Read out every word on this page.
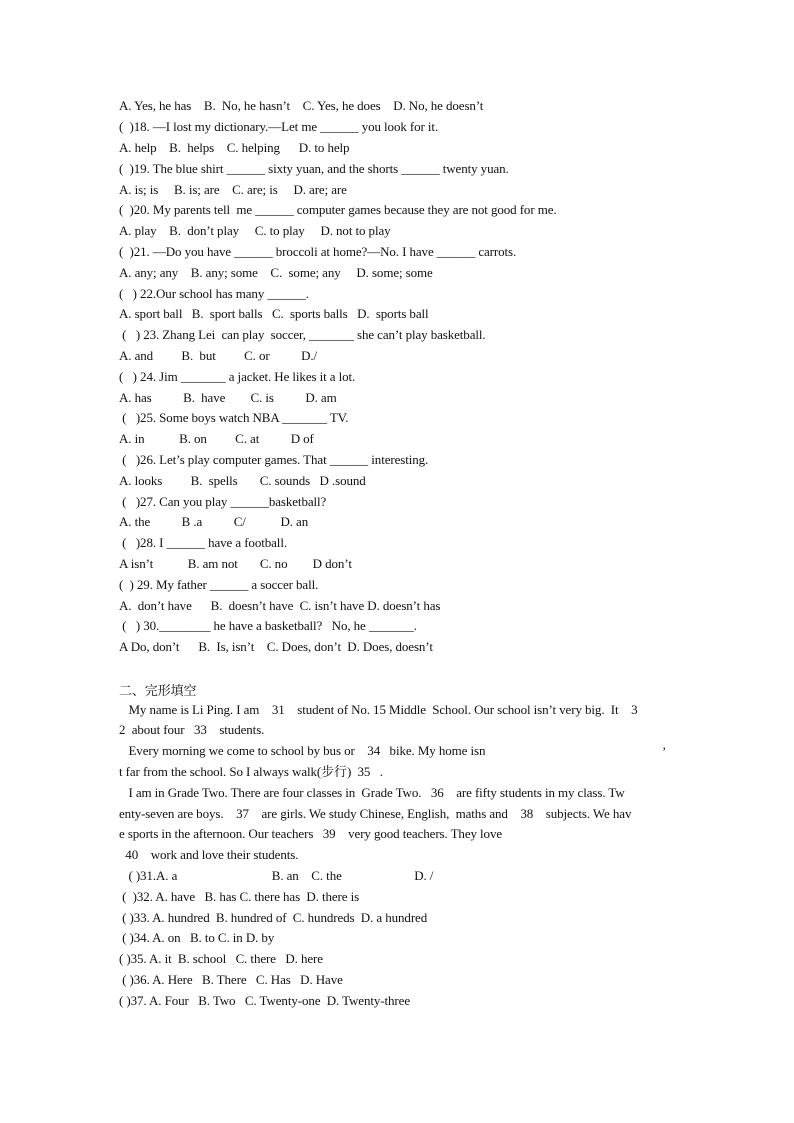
A. Yes, he has    B.  No, he hasn’t    C. Yes, he does    D. No, he doesn’t
(  )18. —I lost my dictionary.—Let me ______ you look for it.
A. help    B.  helps    C. helping      D. to help
(  )19. The blue shirt ______ sixty yuan, and the shorts ______ twenty yuan.
A. is; is     B. is; are    C. are; is     D. are; are
(  )20. My parents tell  me ______ computer games because they are not good for me.
A. play    B.  don’t play     C. to play     D. not to play
(  )21. —Do you have ______ broccoli at home?—No. I have ______ carrots.
A. any; any    B. any; some    C.  some; any     D. some; some
(   ) 22.Our school has many ______.
A. sport ball   B.  sport balls   C.  sports balls   D.  sports ball
(   ) 23. Zhang Lei  can play  soccer, _______ she can’t play basketball.
A. and         B.  but         C. or          D./
(   ) 24. Jim _______ a jacket. He likes it a lot.
A. has          B.  have        C. is          D. am
(   )25. Some boys watch NBA _______ TV.
A. in           B. on         C. at          D of
(   )26. Let’s play computer games. That ______ interesting.
A. looks         B.  spells       C. sounds   D .sound
(   )27. Can you play ______basketball?
A. the          B .a          C/           D. an
(   )28. I ______ have a football.
A isn’t           B. am not       C. no        D don’t
(  ) 29. My father ______ a soccer ball.
A.  don’t have      B.  doesn’t have  C. isn’t have D. doesn’t has
(   ) 30.________ he have a basketball?   No, he _______.
A Do, don’t      B.  Is, isn’t    C. Does, don’t  D. Does, doesn’t
二、完形填空
My name is Li Ping. I am    31    student of No. 15 Middle  School. Our school isn’t very big.  It    3
2  about four   33    students.
Every morning we come to school by bus or    34   bike. My home isn	’
t far from the school. So I always walk(步行)  35   .
I am in Grade Two. There are four classes in  Grade Two.   36    are fifty students in my class. Tw
enty-seven are boys.    37    are girls. We study Chinese, English,  maths and    38    subjects. We hav
e sports in the afternoon. Our teachers   39    very good teachers. They love
40    work and love their students.
( )31.A. a                              B. an    C. the                       D. /
(  )32. A. have   B. has C. there has  D. there is
( )33. A. hundred  B. hundred of  C. hundreds  D. a hundred
( )34. A. on   B. to C. in D. by
( )35. A. it  B. school   C. there   D. here
( )36. A. Here   B. There   C. Has   D. Have
( )37. A. Four   B. Two   C. Twenty-one  D. Twenty-three
